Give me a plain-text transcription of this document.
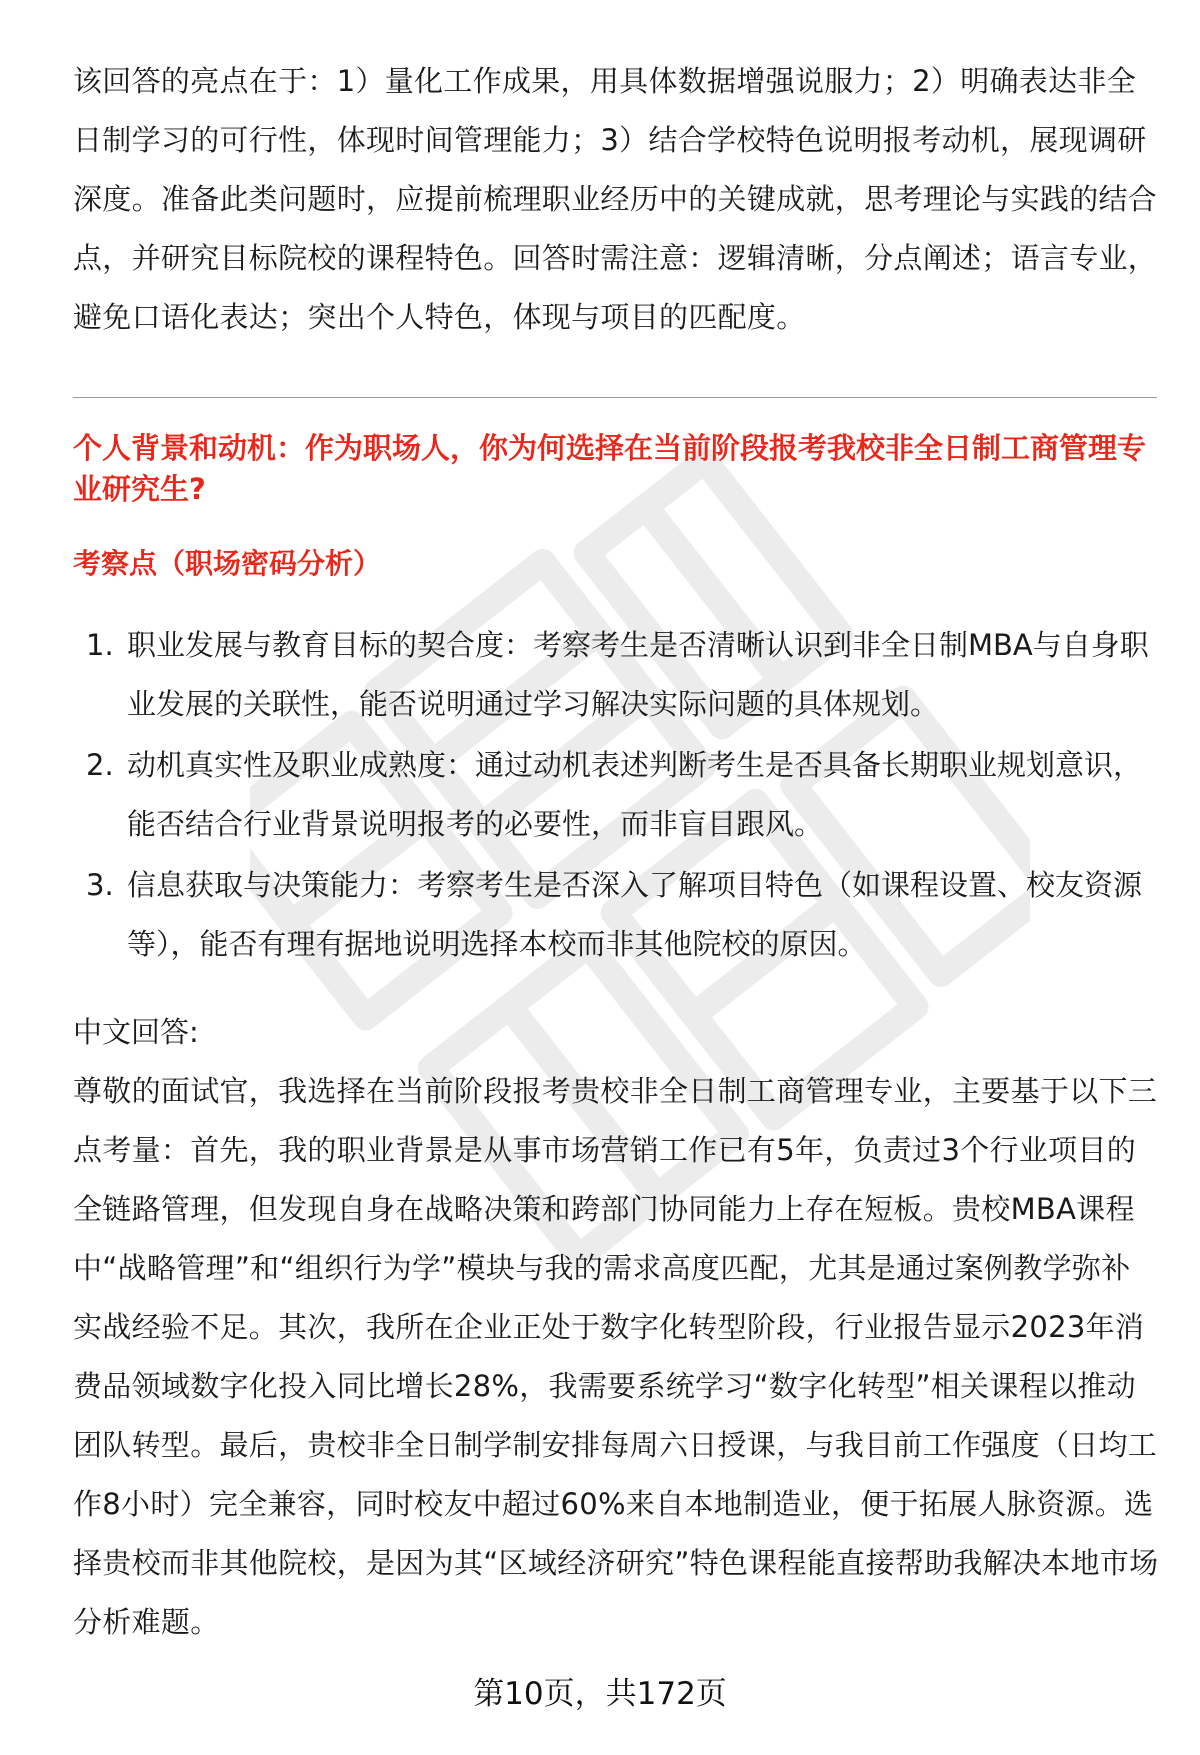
该回答的亮点在于：1）量化工作成果，用具体数据增强说服力；2）明确表达非全日制学习的可行性，体现时间管理能力；3）结合学校特色说明报考动机，展现调研深度。准备此类问题时，应提前梳理职业经历中的关键成就，思考理论与实践的结合点，并研究目标院校的课程特色。回答时需注意：逻辑清晰，分点阐述；语言专业，避免口语化表达；突出个人特色，体现与项目的匹配度。

个人背景和动机：作为职场人，你为何选择在当前阶段报考我校非全日制工商管理专业研究生?
考察点（职场密码分析）
1. 职业发展与教育目标的契合度：考察考生是否清晰认识到非全日制MBA与自身职业发展的关联性，能否说明通过学习解决实际问题的具体规划。
2. 动机真实性及职业成熟度：通过动机表述判断考生是否具备长期职业规划意识，能否结合行业背景说明报考的必要性，而非盲目跟风。
3. 信息获取与决策能力：考察考生是否深入了解项目特色（如课程设置、校友资源等），能否有理有据地说明选择本校而非其他院校的原因。

中文回答:

尊敬的面试官，我选择在当前阶段报考贵校非全日制工商管理专业，主要基于以下三点考量：首先，我的职业背景是从事市场营销工作已有5年，负责过3个行业项目的全链路管理，但发现自身在战略决策和跨部门协同能力上存在短板。贵校MBA课程中“战略管理”和“组织行为学”模块与我的需求高度匹配，尤其是通过案例教学弥补实战经验不足。其次，我所在企业正处于数字化转型阶段，行业报告显示2023年消费品领域数字化投入同比增长28%，我需要系统学习“数字化转型”相关课程以推动团队转型。最后，贵校非全日制学制安排每周六日授课，与我目前工作强度（日均工作8小时）完全兼容，同时校友中超过60%来自本地制造业，便于拓展人脉资源。选择贵校而非其他院校，是因为其“区域经济研究”特色课程能直接帮助我解决本地市场分析难题。

第10页，共172页
